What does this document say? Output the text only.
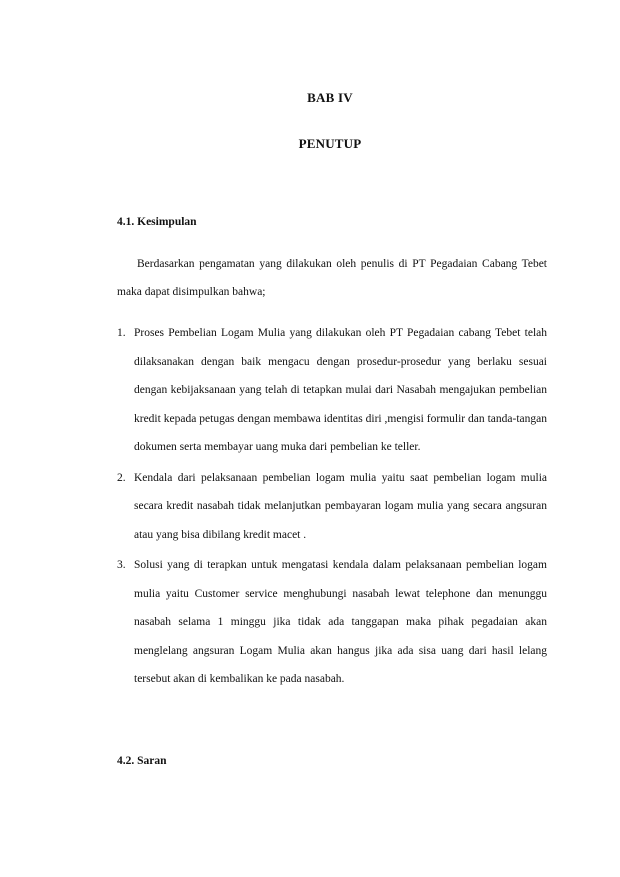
BAB IV
PENUTUP
4.1. Kesimpulan

Berdasarkan pengamatan yang dilakukan oleh penulis di PT Pegadaian Cabang Tebet maka dapat disimpulkan bahwa;

1. Proses Pembelian Logam Mulia yang dilakukan oleh PT Pegadaian cabang Tebet telah dilaksanakan dengan baik mengacu dengan prosedur-prosedur yang berlaku sesuai dengan kebijaksanaan yang telah di tetapkan mulai dari Nasabah mengajukan pembelian kredit kepada petugas dengan membawa identitas diri ,mengisi formulir dan tanda-tangan dokumen serta membayar uang muka dari pembelian ke teller.
2. Kendala dari pelaksanaan pembelian logam mulia yaitu saat pembelian logam mulia secara kredit nasabah tidak melanjutkan pembayaran logam mulia yang secara angsuran atau yang bisa dibilang kredit macet .
3. Solusi yang di terapkan untuk mengatasi kendala dalam pelaksanaan pembelian logam mulia yaitu Customer service menghubungi nasabah lewat telephone dan menunggu nasabah selama 1 minggu jika tidak ada tanggapan maka pihak pegadaian akan menglelang angsuran Logam Mulia akan hangus jika ada sisa uang dari hasil lelang tersebut akan di kembalikan ke pada nasabah.
4.2. Saran
